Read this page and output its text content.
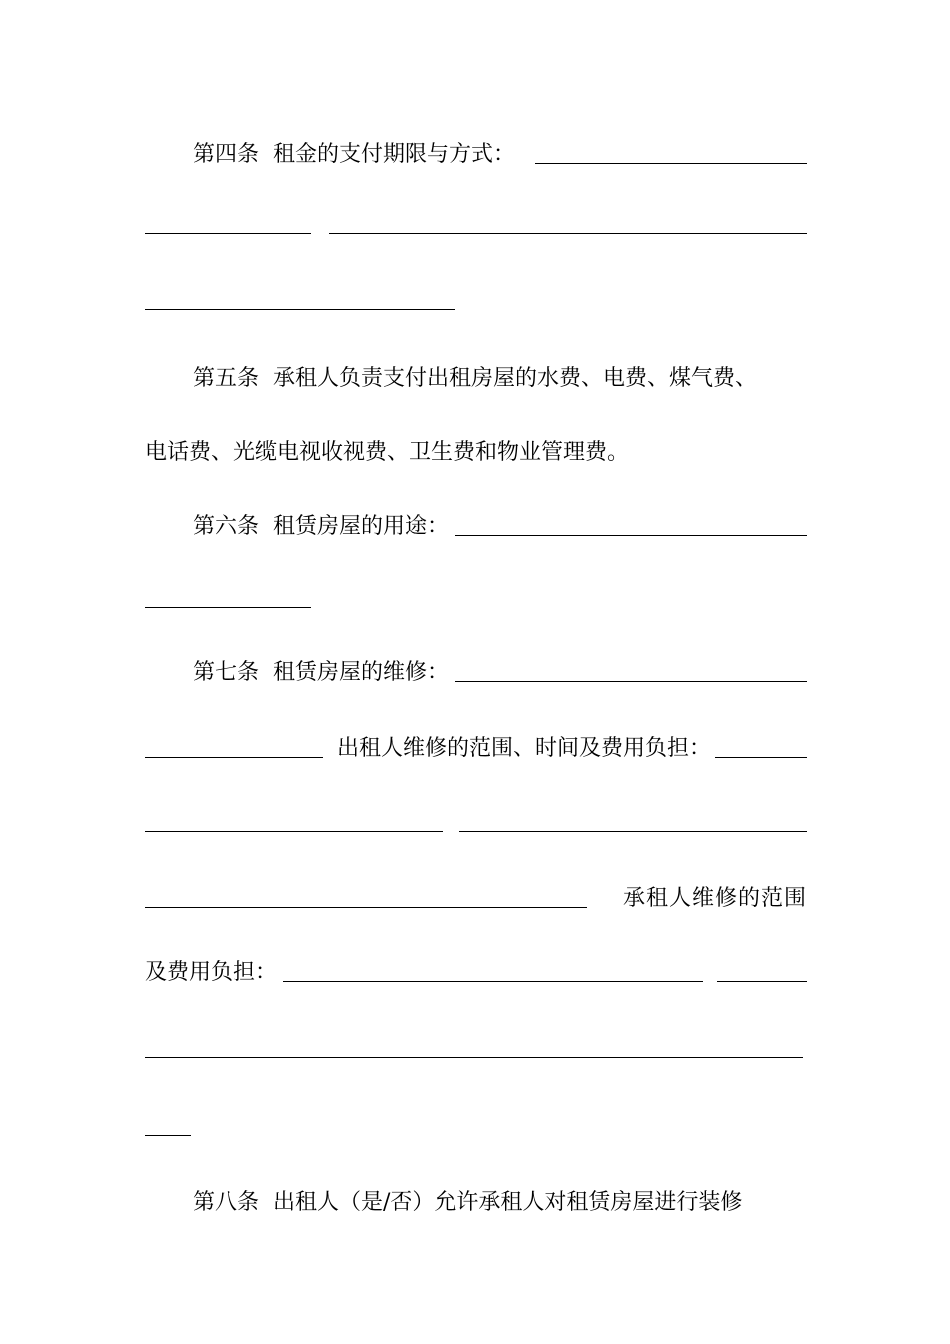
第四条 租金的支付期限与方式：
第五条 承租人负责支付出租房屋的水费、电费、煤气费、
电话费、光缆电视收视费、卫生费和物业管理费。
第六条 租赁房屋的用途：
第七条 租赁房屋的维修：
出租人维修的范围、时间及费用负担：
承租人维修的范围
及费用负担：
第八条 出租人（是/否）允许承租人对租赁房屋进行装修
